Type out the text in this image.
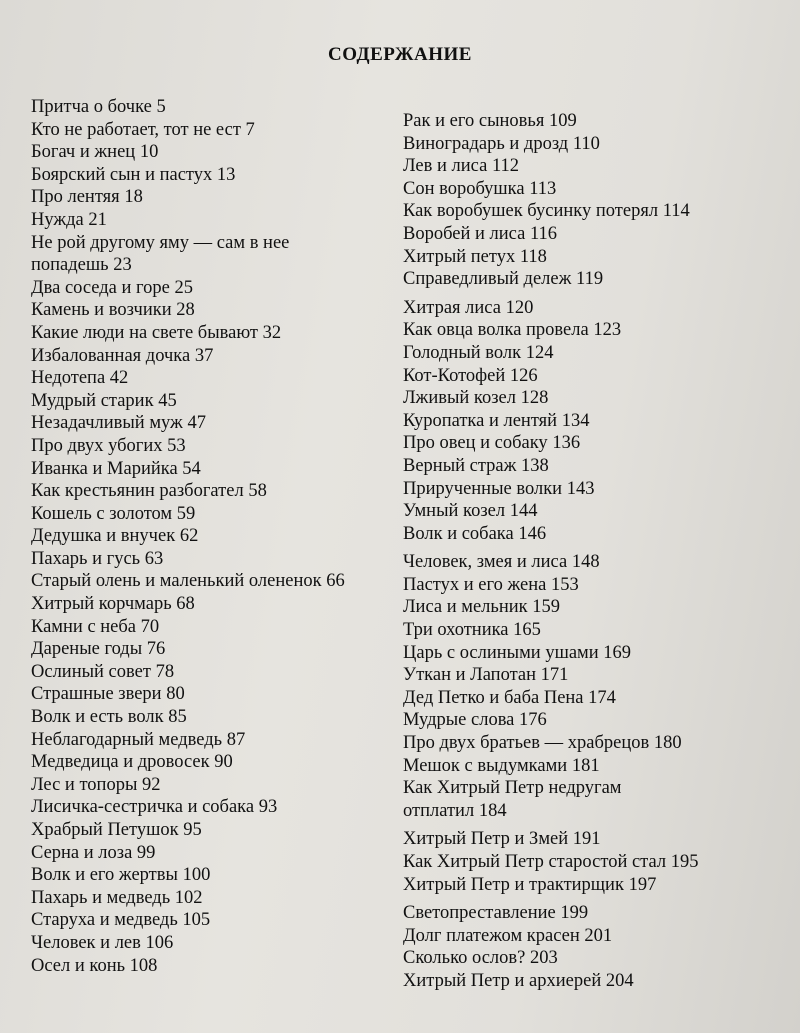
СОДЕРЖАНИЕ
Притча о бочке 5
Кто не работает, тот не ест 7
Богач и жнец 10
Боярский сын и пастух 13
Про лентяя 18
Нужда 21
Не рой другому яму — сам в нее
попадешь 23
Два соседа и горе 25
Камень и возчики 28
Какие люди на свете бывают 32
Избалованная дочка 37
Недотепа 42
Мудрый старик 45
Незадачливый муж 47
Про двух убогих 53
Иванка и Марийка 54
Как крестьянин разбогател 58
Кошель с золотом 59
Дедушка и внучек 62
Пахарь и гусь 63
Старый олень и маленький олененок 66
Хитрый корчмарь 68
Камни с неба 70
Дареные годы 76
Ослиный совет 78
Страшные звери 80
Волк и есть волк 85
Неблагодарный медведь 87
Медведица и дровосек 90
Лес и топоры 92
Лисичка-сестричка и собака 93
Храбрый Петушок 95
Серна и лоза 99
Волк и его жертвы 100
Пахарь и медведь 102
Старуха и медведь 105
Человек и лев 106
Осел и конь 108
Рак и его сыновья 109
Виноградарь и дрозд 110
Лев и лиса 112
Сон воробушка 113
Как воробушек бусинку потерял 114
Воробей и лиса 116
Хитрый петух 118
Справедливый дележ 119
Хитрая лиса 120
Как овца волка провела 123
Голодный волк 124
Кот-Котофей 126
Лживый козел 128
Куропатка и лентяй 134
Про овец и собаку 136
Верный страж 138
Прирученные волки 143
Умный козел 144
Волк и собака 146
Человек, змея и лиса 148
Пастух и его жена 153
Лиса и мельник 159
Три охотника 165
Царь с ослиными ушами 169
Уткан и Лапотан 171
Дед Петко и баба Пена 174
Мудрые слова 176
Про двух братьев — храбрецов 180
Мешок с выдумками 181
Как Хитрый Петр недругам
отплатил 184
Хитрый Петр и Змей 191
Как Хитрый Петр старостой стал 195
Хитрый Петр и трактирщик 197
Светопреставление 199
Долг платежом красен 201
Сколько ослов? 203
Хитрый Петр и архиерей 204
